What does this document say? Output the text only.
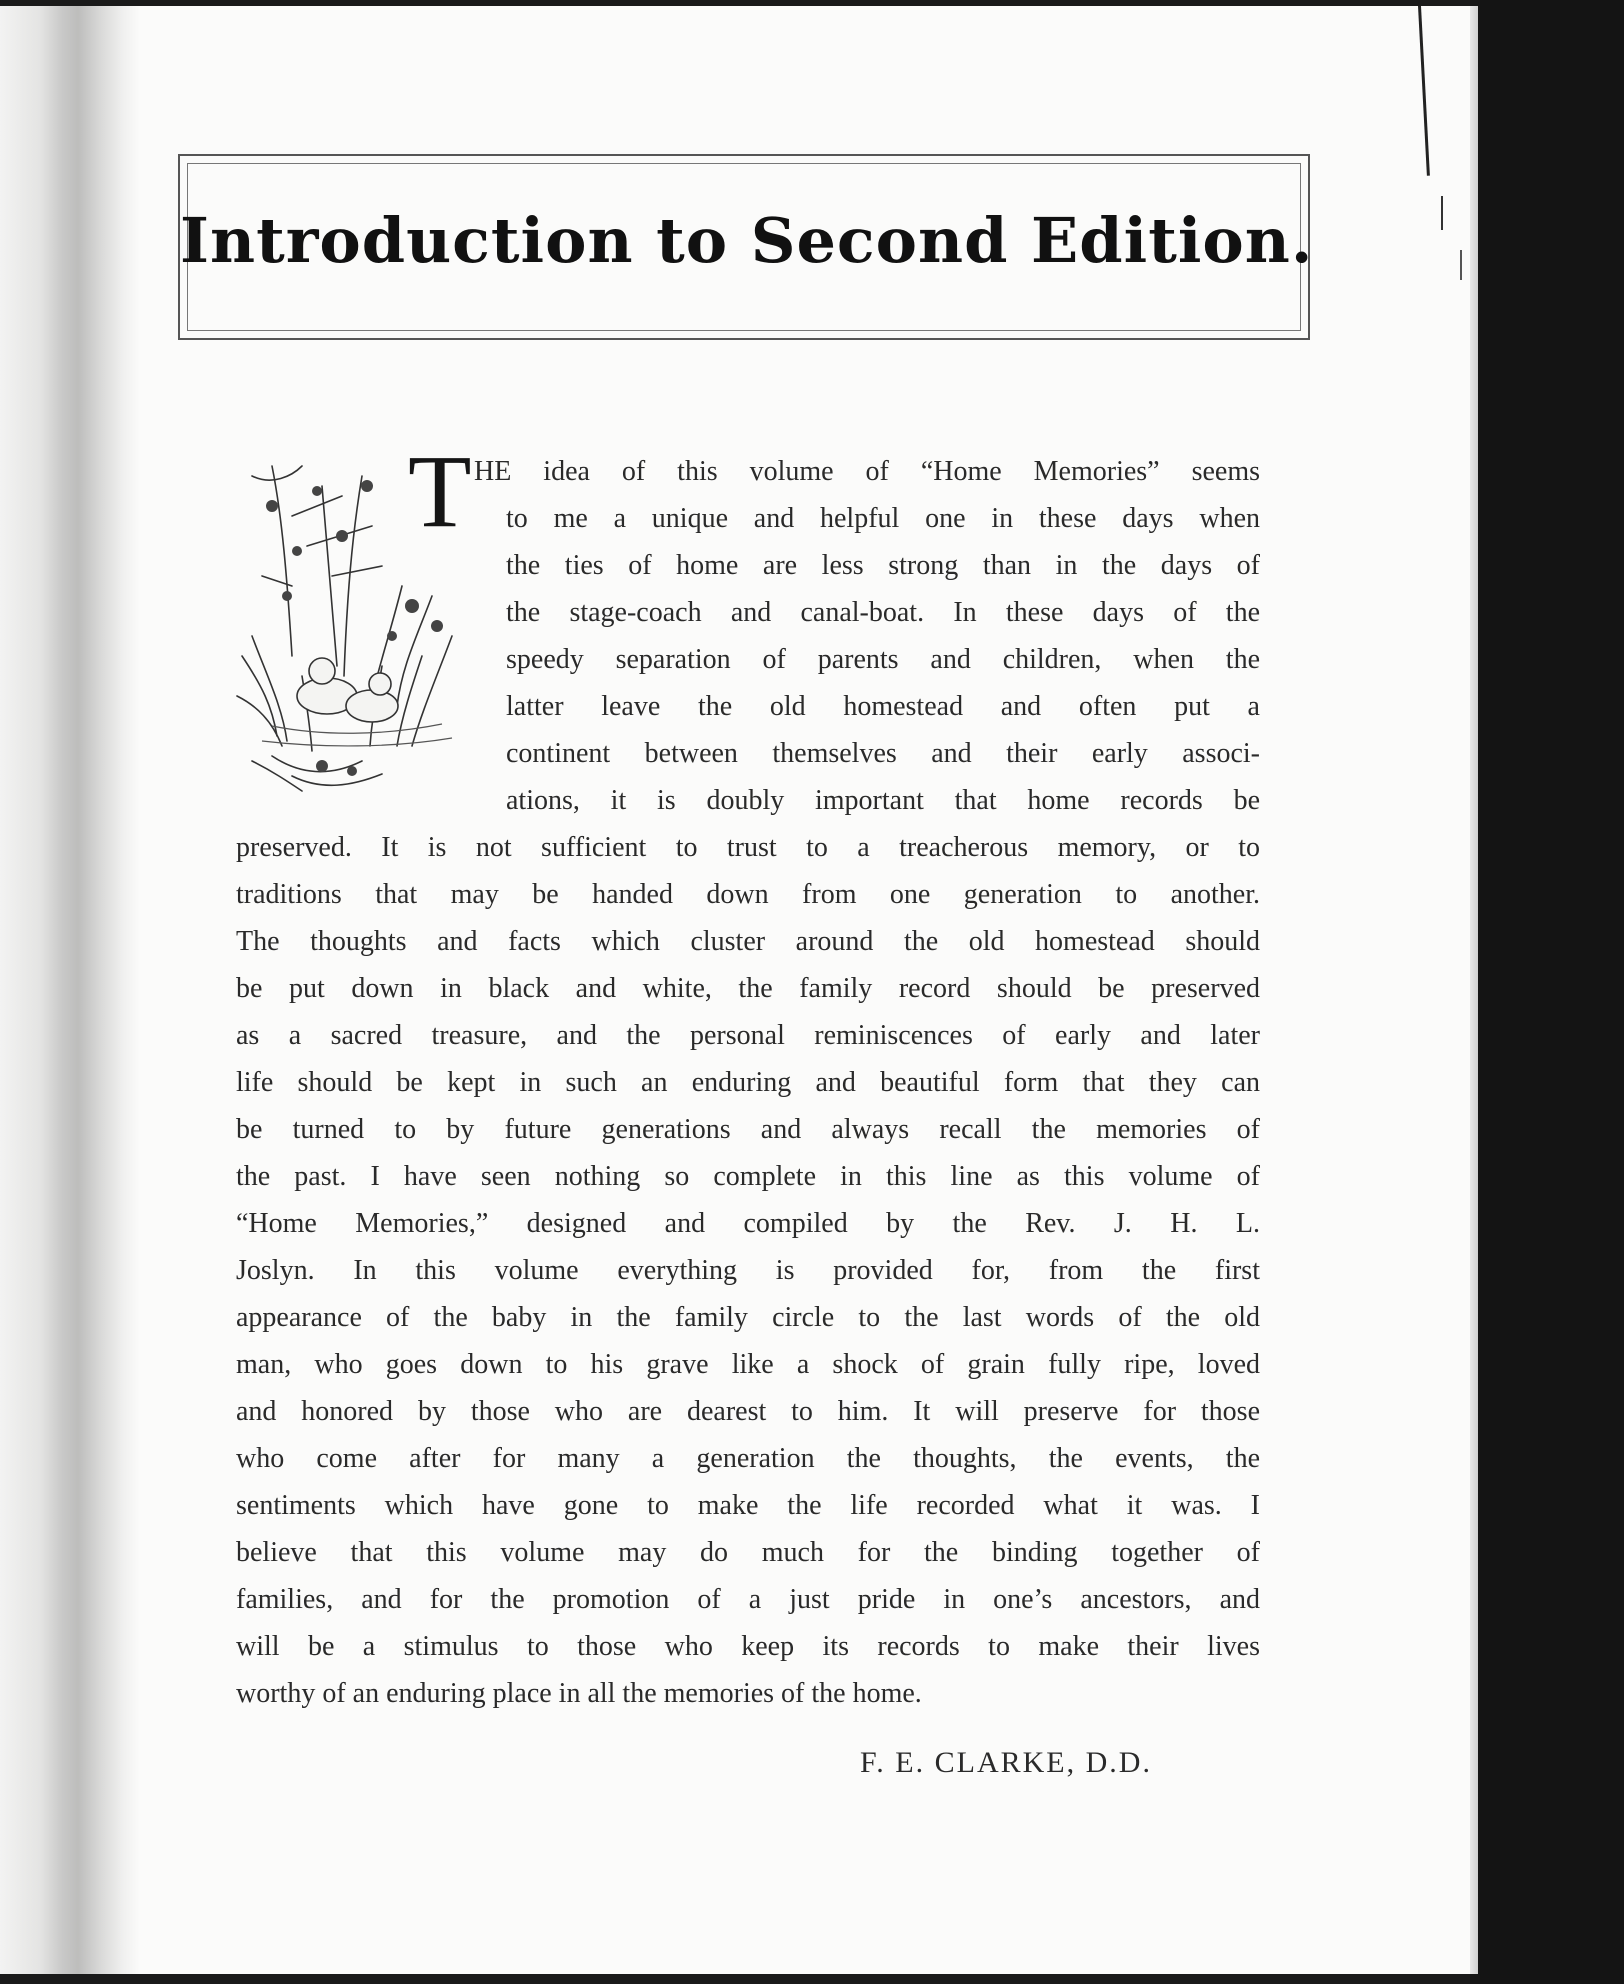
Introduction to Second Edition.
T HE idea of this volume of “Home Memories” seems
to me a unique and helpful one in these days when
the ties of home are less strong than in the days of
the stage-coach and canal-boat. In these days of the
speedy separation of parents and children, when the
latter leave the old homestead and often put a
continent between themselves and their early associ-
ations, it is doubly important that home records be
preserved. It is not sufficient to trust to a treacherous memory, or to
traditions that may be handed down from one generation to another.
The thoughts and facts which cluster around the old homestead should
be put down in black and white, the family record should be preserved
as a sacred treasure, and the personal reminiscences of early and later
life should be kept in such an enduring and beautiful form that they can
be turned to by future generations and always recall the memories of
the past. I have seen nothing so complete in this line as this volume of
“Home Memories,” designed and compiled by the Rev. J. H. L.
Joslyn. In this volume everything is provided for, from the first
appearance of the baby in the family circle to the last words of the old
man, who goes down to his grave like a shock of grain fully ripe, loved
and honored by those who are dearest to him. It will preserve for those
who come after for many a generation the thoughts, the events, the
sentiments which have gone to make the life recorded what it was. I
believe that this volume may do much for the binding together of
families, and for the promotion of a just pride in one’s ancestors, and
will be a stimulus to those who keep its records to make their lives
worthy of an enduring place in all the memories of the home.
F. E. CLARKE, D.D.
